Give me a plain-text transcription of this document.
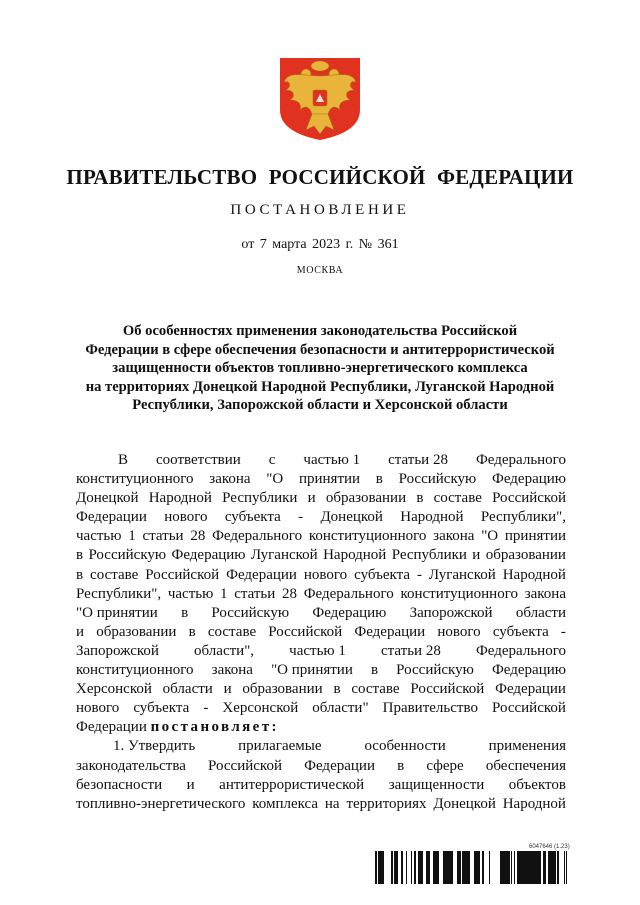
ПРАВИТЕЛЬСТВО РОССИЙСКОЙ ФЕДЕРАЦИИ
ПОСТАНОВЛЕНИЕ
от 7 марта 2023 г. № 361
МОСКВА
Об особенностях применения законодательства Российской
Федерации в сфере обеспечения безопасности и антитеррористической
защищенности объектов топливно-энергетического комплекса
на территориях Донецкой Народной Республики, Луганской Народной
Республики, Запорожской области и Херсонской области
В соответствии с частью 1 статьи 28 Федерального
конституционного закона "О принятии в Российскую Федерацию
Донецкой Народной Республики и образовании в составе Российской
Федерации нового субъекта - Донецкой Народной Республики",
частью 1 статьи 28 Федерального конституционного закона "О принятии
в Российскую Федерацию Луганской Народной Республики и образовании
в составе Российской Федерации нового субъекта - Луганской Народной
Республики", частью 1 статьи 28 Федерального конституционного закона
"О принятии в Российскую Федерацию Запорожской области
и образовании в составе Российской Федерации нового субъекта -
Запорожской области", частью 1 статьи 28 Федерального
конституционного закона "О принятии в Российскую Федерацию
Херсонской области и образовании в составе Российской Федерации
нового субъекта - Херсонской области" Правительство Российской
Федерации
постановляет:
1. Утвердить	прилагаемые	особенности	применения
законодательства Российской Федерации в сфере обеспечения
безопасности и антитеррористической защищенности объектов
топливно-энергетического комплекса на территориях Донецкой Народной
6047646 (1.23)
